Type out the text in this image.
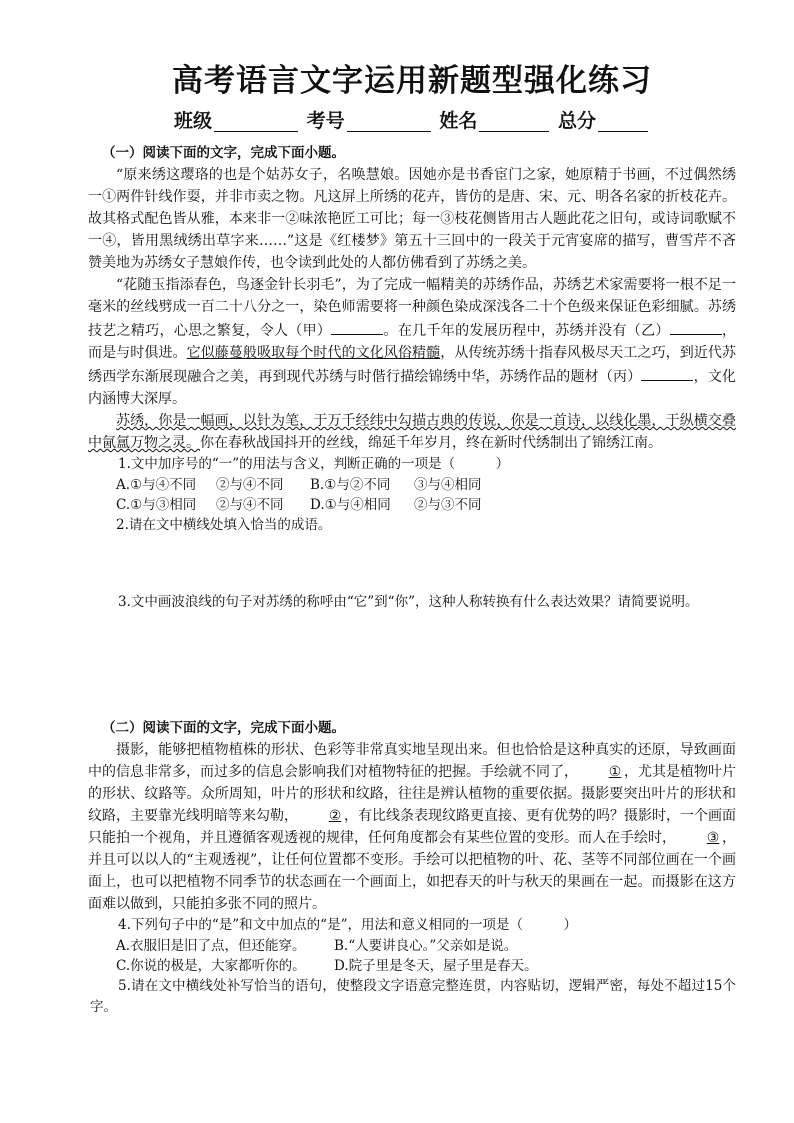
高考语言文字运用新题型强化练习
班级	考号	姓名	总分
（一）阅读下面的文字，完成下面小题。

“原来绣这璎珞的也是个姑苏女子，名唤慧娘。因她亦是书香宦门之家，她原精于书画，不过偶然绣一①两件针线作耍，并非市卖之物。凡这屏上所绣的花卉，皆仿的是唐、宋、元、明各名家的折枝花卉。故其格式配色皆从雅，本来非一②味浓艳匠工可比；每一③枝花侧皆用古人题此花之旧句，或诗词歌赋不一④，皆用黑绒绣出草字来……”这是《红楼梦》第五十三回中的一段关于元宵宴席的描写，曹雪芹不吝赞美地为苏绣女子慧娘作传，也令读到此处的人都仿佛看到了苏绣之美。

“花随玉指添春色，鸟逐金针长羽毛”，为了完成一幅精美的苏绣作品，苏绣艺术家需要将一根不足一毫米的丝线劈成一百二十八分之一，染色师需要将一种颜色染成深浅各二十个色级来保证色彩细腻。苏绣技艺之精巧，心思之繁复，令人（甲）	。在几千年的发展历程中，苏绣并没有（乙）	，而是与时俱进。它似藤蔓般吸取每个时代的文化风俗精髓，从传统苏绣十指春风极尽天工之巧，到近代苏绣西学东渐展现融合之美，再到现代苏绣与时偕行描绘锦绣中华，苏绣作品的题材（丙）	，文化内涵博大深厚。

苏绣，你是一幅画，以针为笔，于万千经纬中勾描古典的传说，你是一首诗，以线化墨，于纵横交叠中氤氲万物之灵。你在春秋战国抖开的丝线，绵延千年岁月，终在新时代绣制出了锦绣江南。

1.文中加序号的“一”的用法与含义，判断正确的一项是（　　　）

A.①与④不同	②与④不同	B.①与②不同	③与④相同
C.①与③相同	②与④不同	D.①与④相同	②与③不同

2.请在文中横线处填入恰当的成语。

3.文中画波浪线的句子对苏绣的称呼由“它”到“你”，这种人称转换有什么表达效果？请简要说明。

（二）阅读下面的文字，完成下面小题。

摄影，能够把植物植株的形状、色彩等非常真实地呈现出来。但也恰恰是这种真实的还原，导致画面中的信息非常多，而过多的信息会影响我们对植物特征的把握。手绘就不同了， ① ，尤其是植物叶片的形状、纹路等。众所周知，叶片的形状和纹路，往往是辨认植物的重要依据。摄影要突出叶片的形状和纹路，主要靠光线明暗等来勾勒， ② ，有比线条表现纹路更直接、更有优势的吗？摄影时，一个画面只能拍一个视角，并且遵循客观透视的规律，任何角度都会有某些位置的变形。而人在手绘时， ③ ，并且可以以人的“主观透视”，让任何位置都不变形。手绘可以把植物的叶、花、茎等不同部位画在一个画面上，也可以把植物不同季节的状态画在一个画面上，如把春天的叶与秋天的果画在一起。而摄影在这方面难以做到，只能拍多张不同的照片。

4.下列句子中的“是”和文中加点的“是”，用法和意义相同的一项是（　　　）

A.衣服旧是旧了点，但还能穿。	B.“人要讲良心。”父亲如是说。
C.你说的极是，大家都听你的。	D.院子里是冬天，屋子里是春天。

5.请在文中横线处补写恰当的语句，使整段文字语意完整连贯，内容贴切，逻辑严密，每处不超过15个字。
